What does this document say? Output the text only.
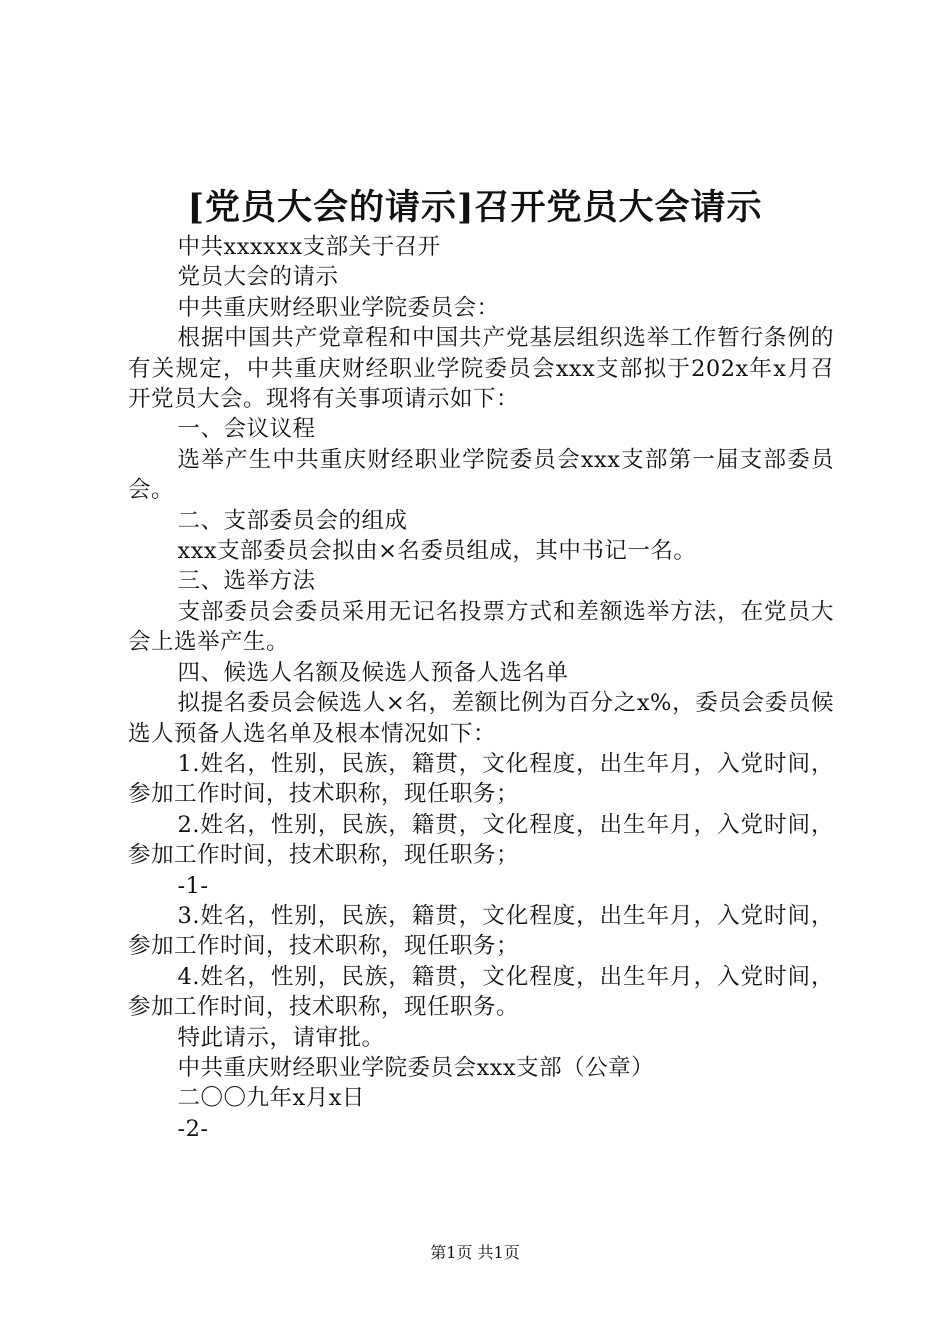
[党员大会的请示]召开党员大会请示

中共xxxxxx支部关于召开

党员大会的请示

中共重庆财经职业学院委员会：

根据中国共产党章程和中国共产党基层组织选举工作暂行条例的有关规定，中共重庆财经职业学院委员会xxx支部拟于202x年x月召开党员大会。现将有关事项请示如下：

一、会议议程

选举产生中共重庆财经职业学院委员会xxx支部第一届支部委员会。

二、支部委员会的组成

xxx支部委员会拟由×名委员组成，其中书记一名。

三、选举方法

支部委员会委员采用无记名投票方式和差额选举方法，在党员大会上选举产生。

四、候选人名额及候选人预备人选名单

拟提名委员会候选人×名，差额比例为百分之x%，委员会委员候选人预备人选名单及根本情况如下：

1.姓名，性别，民族，籍贯，文化程度，出生年月，入党时间，参加工作时间，技术职称，现任职务；

2.姓名，性别，民族，籍贯，文化程度，出生年月，入党时间，参加工作时间，技术职称，现任职务；

-1-

3.姓名，性别，民族，籍贯，文化程度，出生年月，入党时间，参加工作时间，技术职称，现任职务；

4.姓名，性别，民族，籍贯，文化程度，出生年月，入党时间，参加工作时间，技术职称，现任职务。

特此请示，请审批。

中共重庆财经职业学院委员会xxx支部（公章）

二〇〇九年x月x日

-2-

第1页 共1页
